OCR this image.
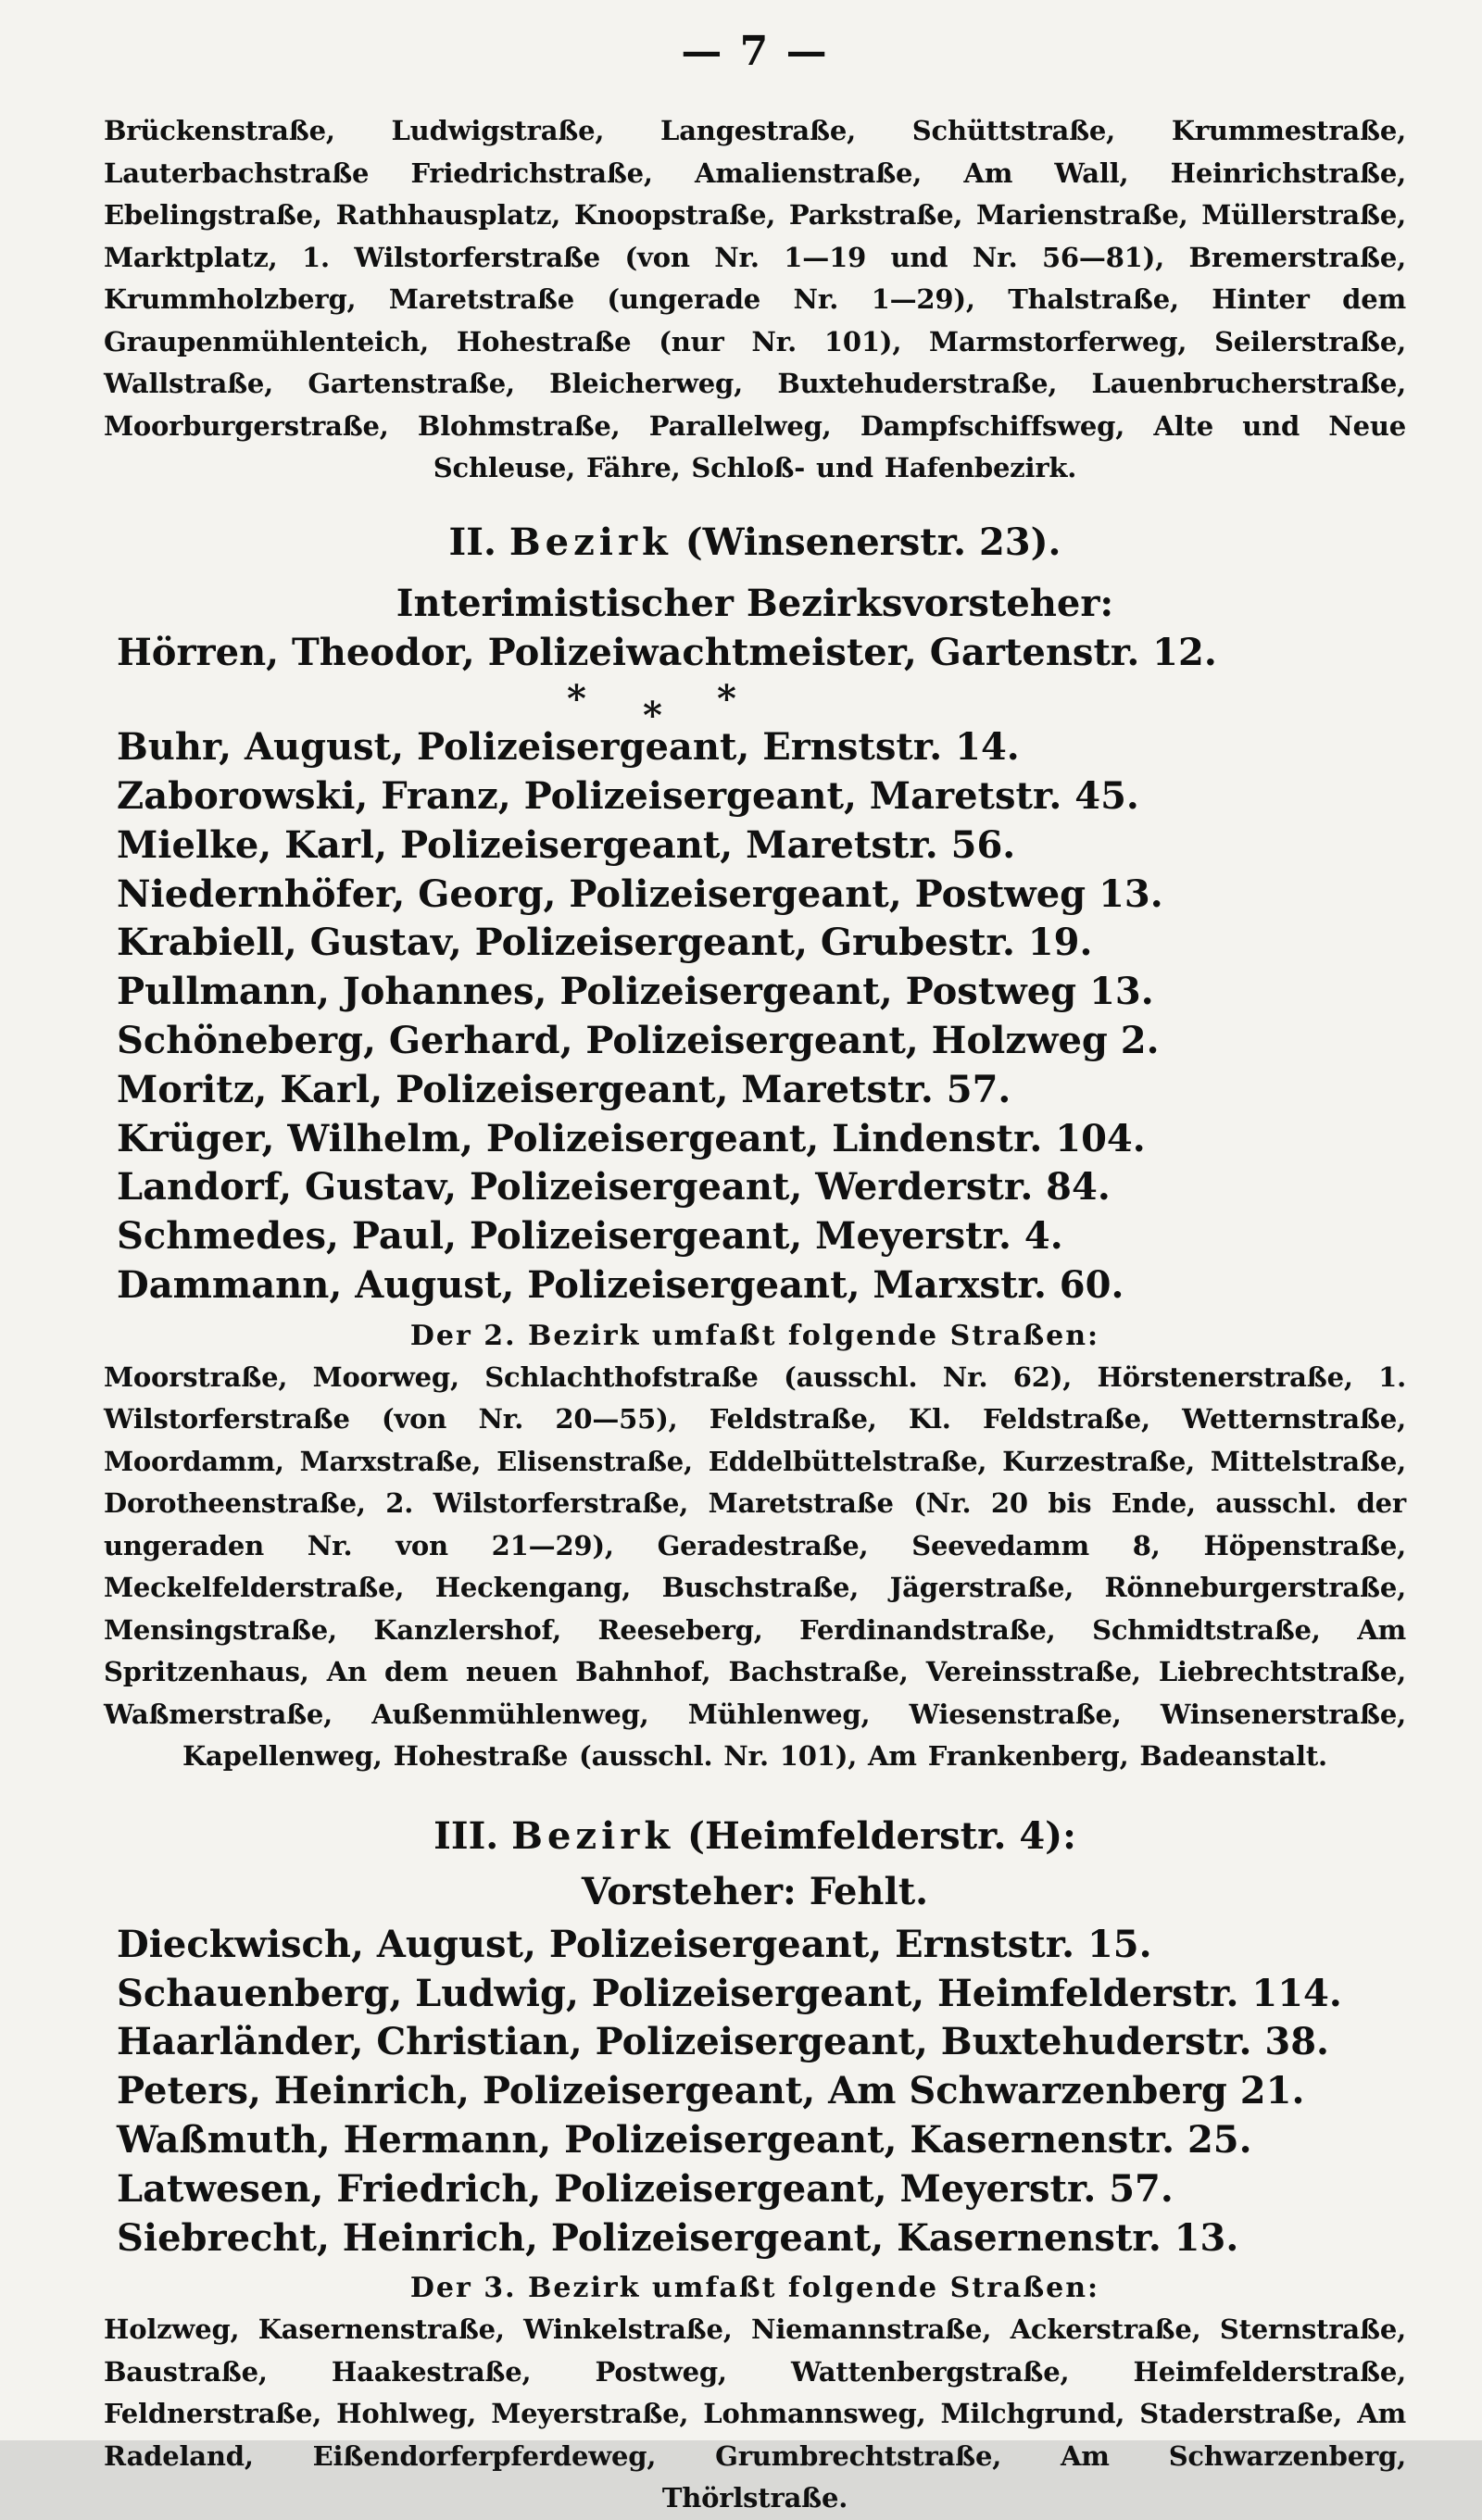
— 7 —

Brückenstraße, Ludwigstraße, Langestraße, Schüttstraße, Krummestraße, Lauterbachstraße Friedrichstraße, Amalienstraße, Am Wall, Heinrichstraße, Ebelingstraße, Rathhausplatz, Knoopstraße, Parkstraße, Marienstraße, Müllerstraße, Marktplatz, 1. Wilstorferstraße (von Nr. 1—19 und Nr. 56—81), Bremerstraße, Krummholzberg, Maretstraße (ungerade Nr. 1—29), Thalstraße, Hinter dem Graupenmühlenteich, Hohestraße (nur Nr. 101), Marmstorferweg, Seilerstraße, Wallstraße, Gartenstraße, Bleicherweg, Buxtehuderstraße, Lauenbrucherstraße, Moorburgerstraße, Blohmstraße, Parallelweg, Dampfschiffsweg, Alte und Neue Schleuse, Fähre, Schloß- und Hafenbezirk.

II. Bezirk (Winsenerstr. 23).
Interimistischer Bezirksvorsteher:
Hörren, Theodor, Polizeiwachtmeister, Gartenstr. 12.
* * *
Buhr, August, Polizeisergeant, Ernststr. 14.
Zaborowski, Franz, Polizeisergeant, Maretstr. 45.
Mielke, Karl, Polizeisergeant, Maretstr. 56.
Niedernhöfer, Georg, Polizeisergeant, Postweg 13.
Krabiell, Gustav, Polizeisergeant, Grubestr. 19.
Pullmann, Johannes, Polizeisergeant, Postweg 13.
Schöneberg, Gerhard, Polizeisergeant, Holzweg 2.
Moritz, Karl, Polizeisergeant, Maretstr. 57.
Krüger, Wilhelm, Polizeisergeant, Lindenstr. 104.
Landorf, Gustav, Polizeisergeant, Werderstr. 84.
Schmedes, Paul, Polizeisergeant, Meyerstr. 4.
Dammann, August, Polizeisergeant, Marxstr. 60.
Der 2. Bezirk umfaßt folgende Straßen:

Moorstraße, Moorweg, Schlachthofstraße (ausschl. Nr. 62), Hörstenerstraße, 1. Wilstorferstraße (von Nr. 20—55), Feldstraße, Kl. Feldstraße, Wetternstraße, Moordamm, Marxstraße, Elisenstraße, Eddelbüttelstraße, Kurzestraße, Mittelstraße, Dorotheenstraße, 2. Wilstorferstraße, Maretstraße (Nr. 20 bis Ende, ausschl. der ungeraden Nr. von 21—29), Geradestraße, Seevedamm 8, Höpenstraße, Meckelfelderstraße, Heckengang, Buschstraße, Jägerstraße, Rönneburgerstraße, Mensingstraße, Kanzlershof, Reeseberg, Ferdinandstraße, Schmidtstraße, Am Spritzenhaus, An dem neuen Bahnhof, Bachstraße, Vereinsstraße, Liebrechtstraße, Waßmerstraße, Außenmühlenweg, Mühlenweg, Wiesenstraße, Winsenerstraße, Kapellenweg, Hohestraße (ausschl. Nr. 101), Am Frankenberg, Badeanstalt.

III. Bezirk (Heimfelderstr. 4):
Vorsteher: Fehlt.
Dieckwisch, August, Polizeisergeant, Ernststr. 15.
Schauenberg, Ludwig, Polizeisergeant, Heimfelderstr. 114.
Haarländer, Christian, Polizeisergeant, Buxtehuderstr. 38.
Peters, Heinrich, Polizeisergeant, Am Schwarzenberg 21.
Waßmuth, Hermann, Polizeisergeant, Kasernenstr. 25.
Latwesen, Friedrich, Polizeisergeant, Meyerstr. 57.
Siebrecht, Heinrich, Polizeisergeant, Kasernenstr. 13.
Der 3. Bezirk umfaßt folgende Straßen:

Holzweg, Kasernenstraße, Winkelstraße, Niemannstraße, Ackerstraße, Sternstraße, Baustraße, Haakestraße, Postweg, Wattenbergstraße, Heimfelderstraße, Feldnerstraße, Hohlweg, Meyerstraße, Lohmannsweg, Milchgrund, Staderstraße, Am Radeland, Eißendorferpferdeweg, Grumbrechtstraße, Am Schwarzenberg, Thörlstraße.
